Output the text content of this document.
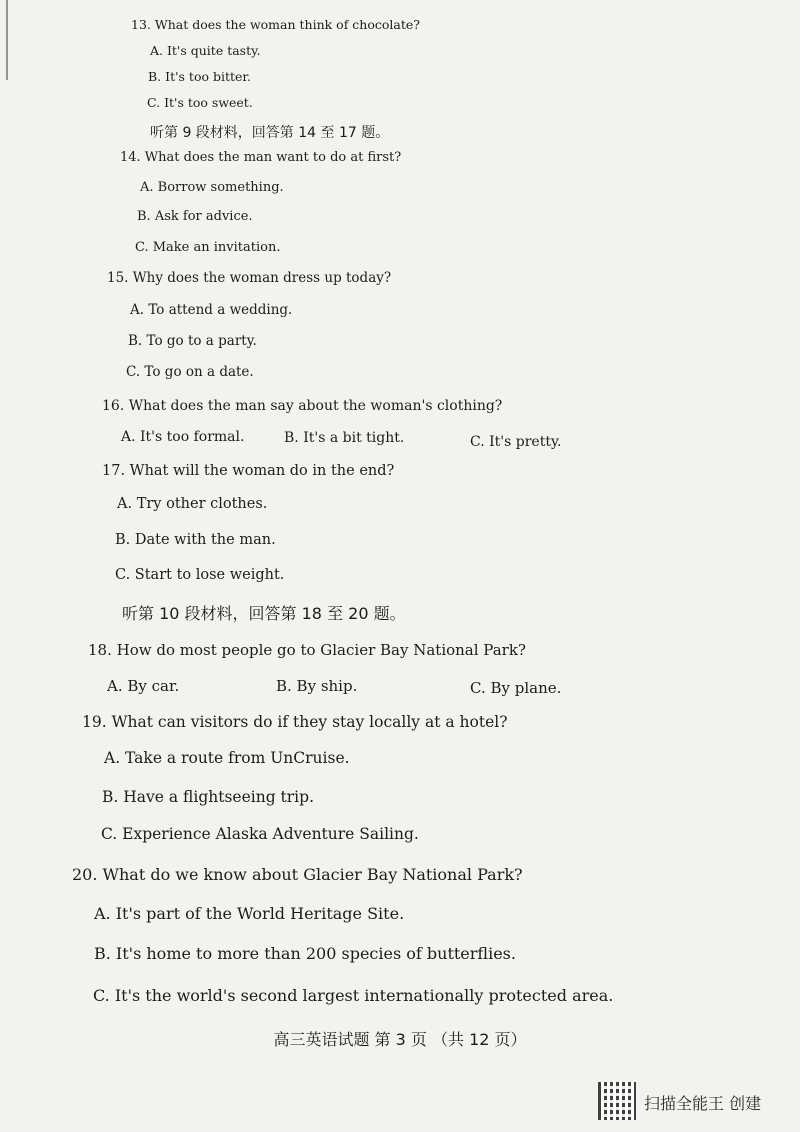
13. What does the woman think of chocolate?
A. It's quite tasty.
B. It's too bitter.
C. It's too sweet.
听第 9 段材料，回答第 14 至 17 题。
14. What does the man want to do at first?
A. Borrow something.
B. Ask for advice.
C. Make an invitation.
15. Why does the woman dress up today?
A. To attend a wedding.
B. To go to a party.
C. To go on a date.
16. What does the man say about the woman's clothing?
A. It's too formal.	B. It's a bit tight.	C. It's pretty.
17. What will the woman do in the end?
A. Try other clothes.
B. Date with the man.
C. Start to lose weight.
听第 10 段材料，回答第 18 至 20 题。
18. How do most people go to Glacier Bay National Park?
A. By car.	B. By ship.	C. By plane.
19. What can visitors do if they stay locally at a hotel?
A. Take a route from UnCruise.
B. Have a flightseeing trip.
C. Experience Alaska Adventure Sailing.
20. What do we know about Glacier Bay National Park?
A. It's part of the World Heritage Site.
B. It's home to more than 200 species of butterflies.
C. It's the world's second largest internationally protected area.
高三英语试题 第 3 页 （共 12 页）
扫描全能王 创建
